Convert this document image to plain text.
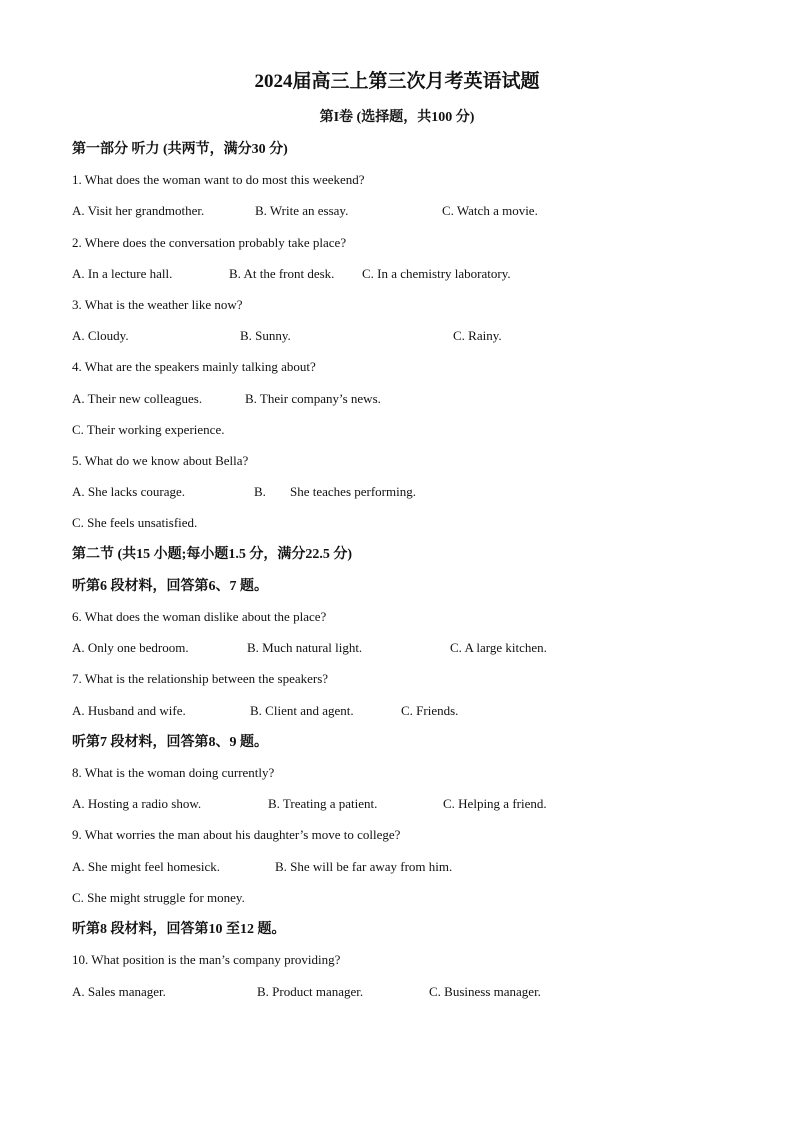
2024届高三上第三次月考英语试题
第I卷 (选择题，共100 分)
第一部分 听力 (共两节，满分30 分)
1. What does the woman want to do most this weekend?
A. Visit her grandmother.	B. Write an essay.	C. Watch a movie.
2. Where does the conversation probably take place?
A. In a lecture hall.	B. At the front desk. C. In a chemistry laboratory.
3. What is the weather like now?
A. Cloudy.	B. Sunny.	C. Rainy.
4. What are the speakers mainly talking about?
A. Their new colleagues.	B. Their company’s news.
C. Their working experience.
5. What do we know about Bella?
A. She lacks courage.	B. She teaches performing.
C. She feels unsatisfied.
第二节 (共15 小题;每小题1.5 分，满分22.5 分)
听第6 段材料，回答第6、7 题。
6. What does the woman dislike about the place?
A. Only one bedroom.	B. Much natural light.	C. A large kitchen.
7. What is the relationship between the speakers?
A. Husband and wife.	B. Client and agent.	C. Friends.
听第7 段材料，回答第8、9 题。
8. What is the woman doing currently?
A. Hosting a radio show.	B. Treating a patient.	C. Helping a friend.
9. What worries the man about his daughter’s move to college?
A. She might feel homesick.	B. She will be far away from him.
C. She might struggle for money.
听第8 段材料，回答第10 至12 题。
10. What position is the man’s company providing?
A. Sales manager.	B. Product manager.	C. Business manager.
